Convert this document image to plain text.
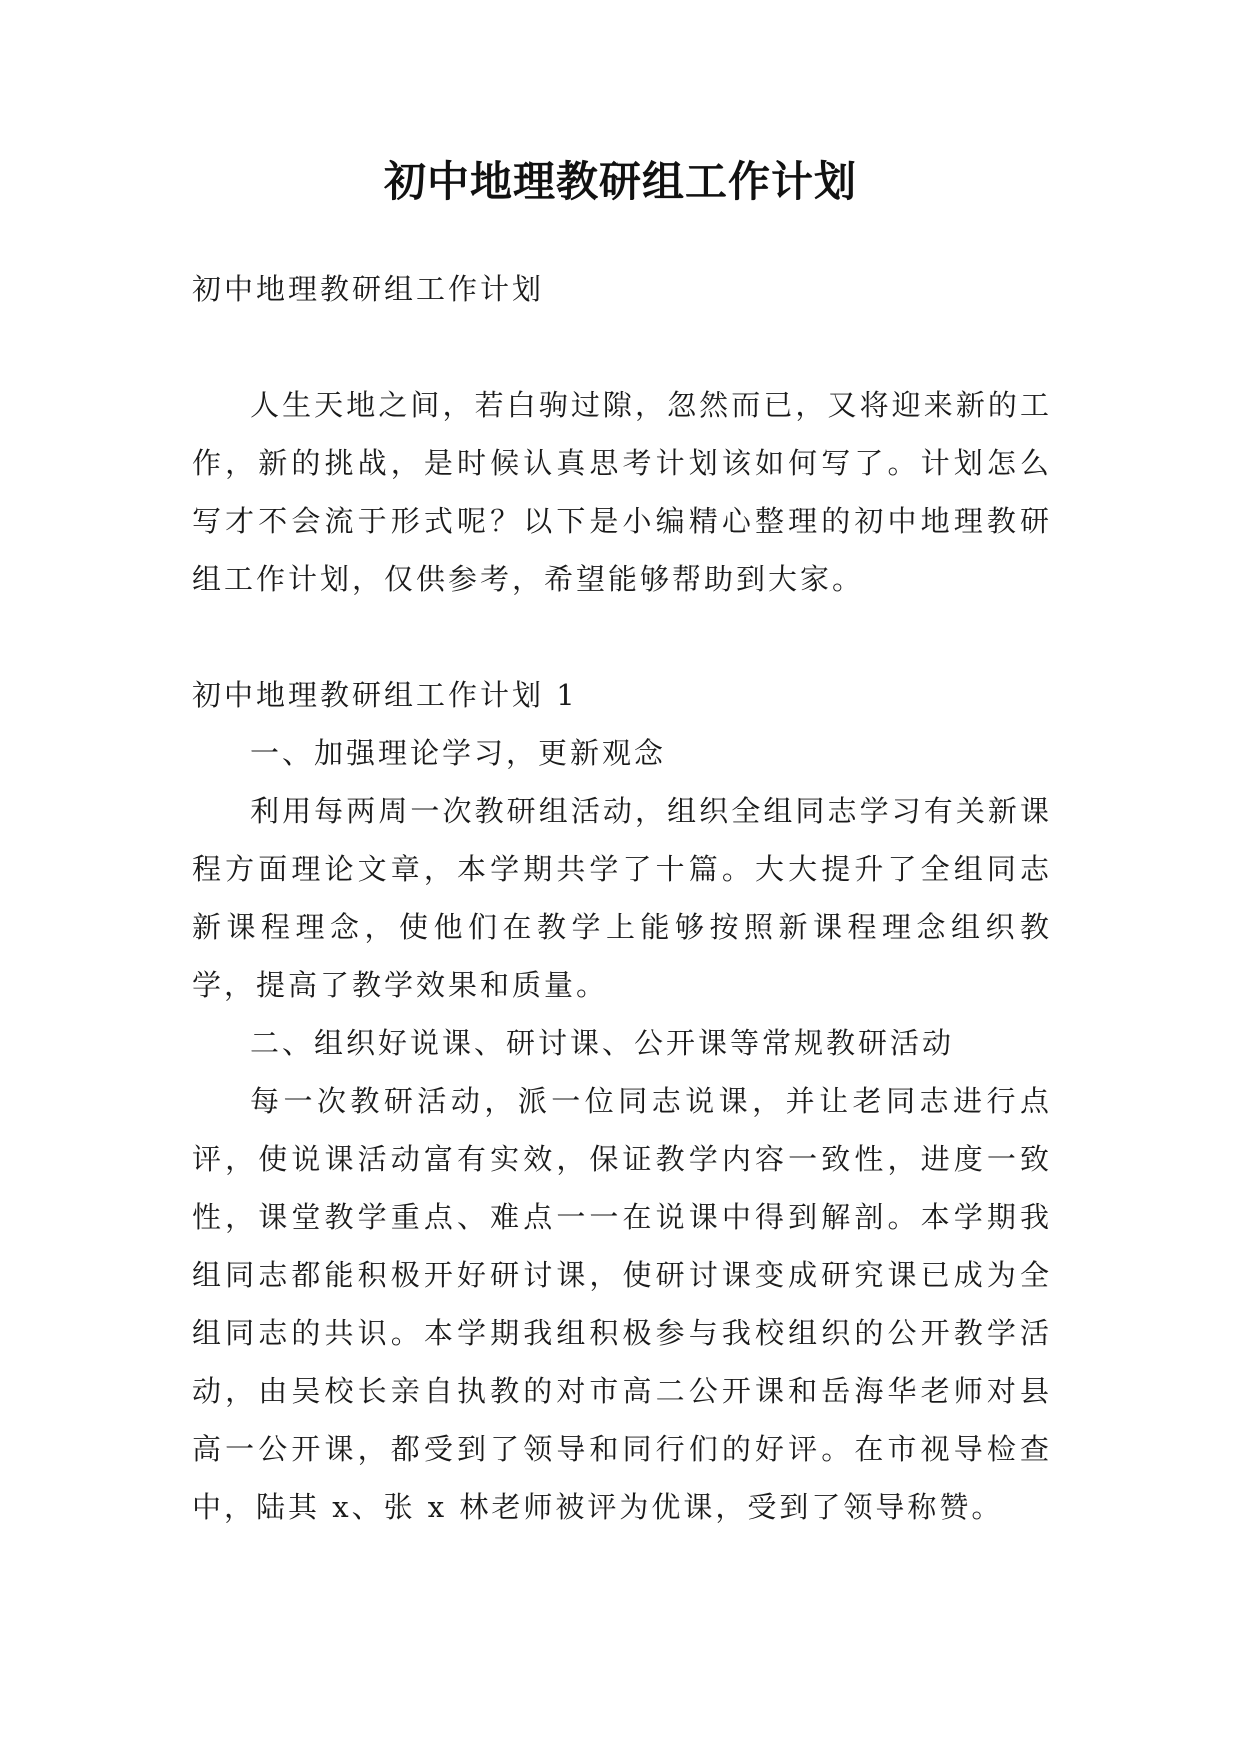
初中地理教研组工作计划

初中地理教研组工作计划

人生天地之间，若白驹过隙，忽然而已，又将迎来新的工作，新的挑战，是时候认真思考计划该如何写了。计划怎么写才不会流于形式呢？以下是小编精心整理的初中地理教研组工作计划，仅供参考，希望能够帮助到大家。

初中地理教研组工作计划 1

一、加强理论学习，更新观念

利用每两周一次教研组活动，组织全组同志学习有关新课程方面理论文章，本学期共学了十篇。大大提升了全组同志新课程理念，使他们在教学上能够按照新课程理念组织教学，提高了教学效果和质量。

二、组织好说课、研讨课、公开课等常规教研活动

每一次教研活动，派一位同志说课，并让老同志进行点评，使说课活动富有实效，保证教学内容一致性，进度一致性，课堂教学重点、难点一一在说课中得到解剖。本学期我组同志都能积极开好研讨课，使研讨课变成研究课已成为全组同志的共识。本学期我组积极参与我校组织的公开教学活动，由吴校长亲自执教的对市高二公开课和岳海华老师对县高一公开课，都受到了领导和同行们的好评。在市视导检查中，陆其 x、张 x 林老师被评为优课，受到了领导称赞。
